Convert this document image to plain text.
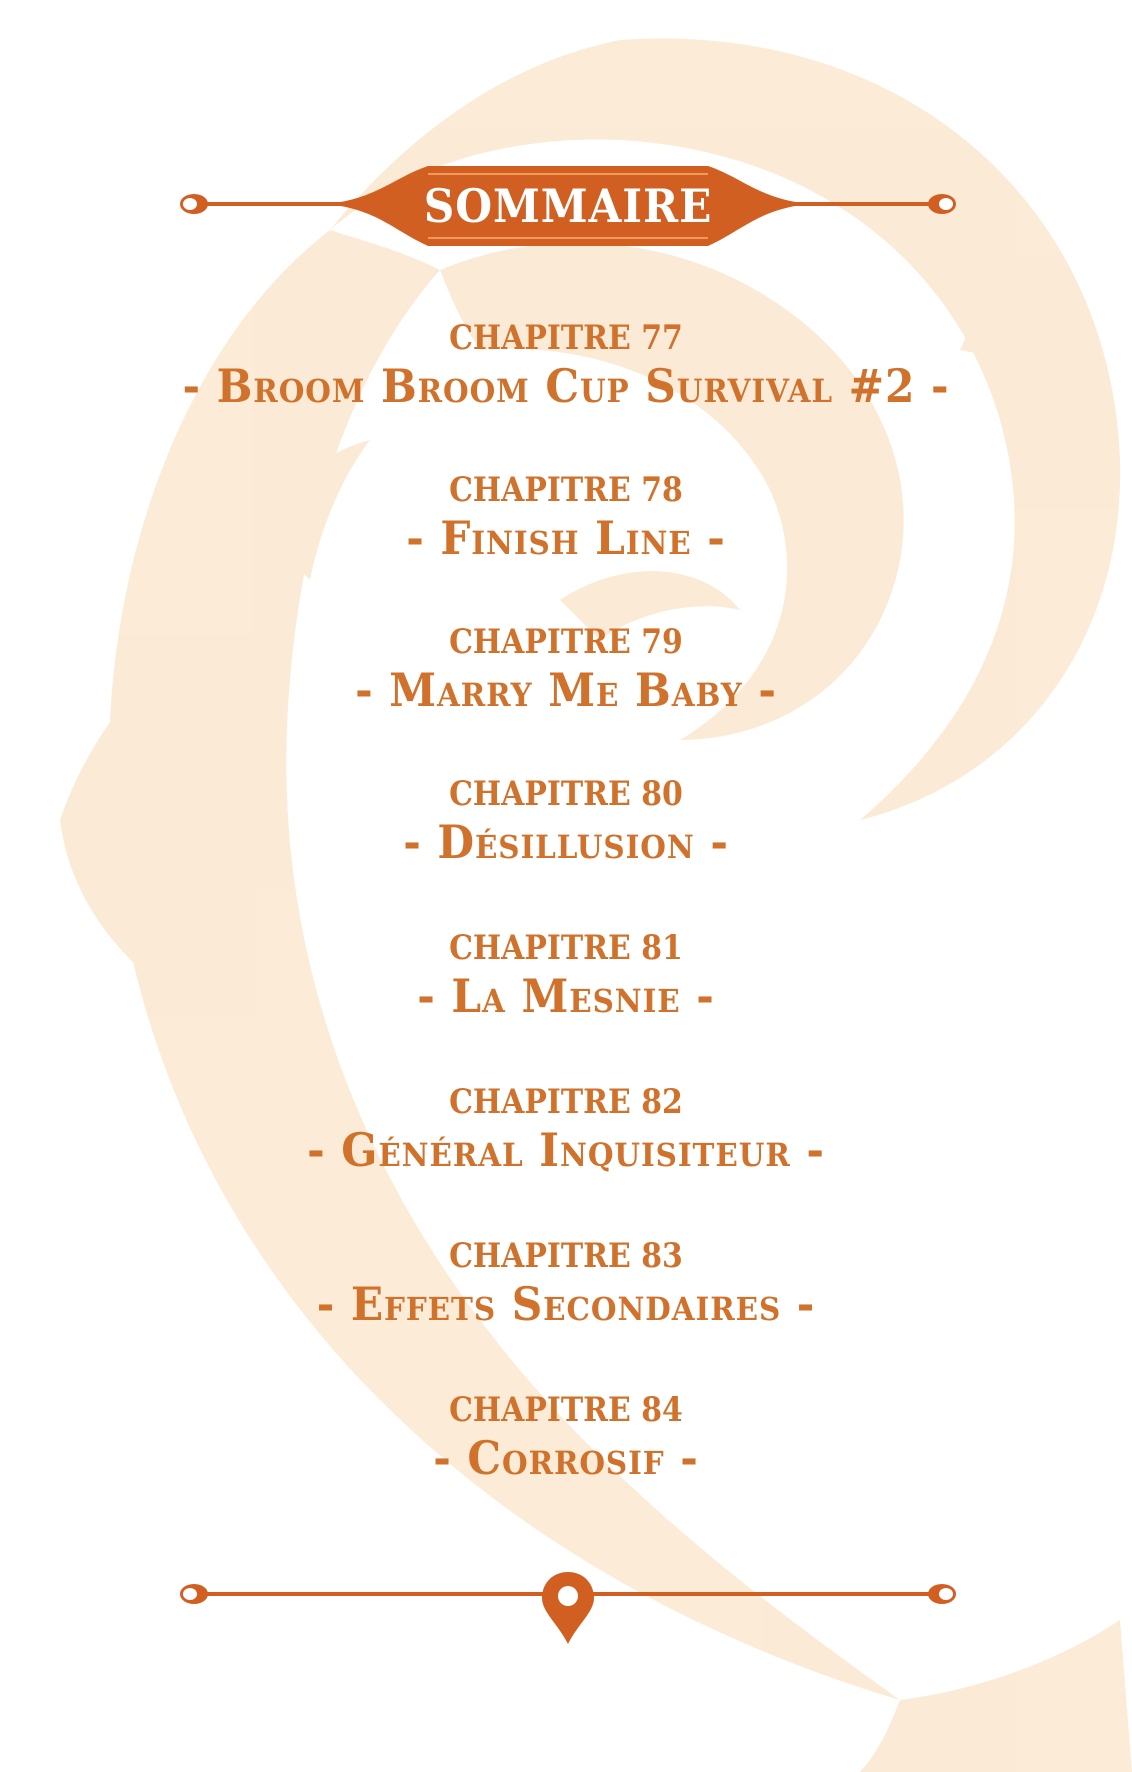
SOMMAIRE
CHAPITRE 77
- Broom Broom Cup Survival #2 -
CHAPITRE 78
- Finish Line -
CHAPITRE 79
- Marry Me Baby -
CHAPITRE 80
- Désillusion -
CHAPITRE 81
- La Mesnie -
CHAPITRE 82
- Général Inquisiteur -
CHAPITRE 83
- Effets Secondaires -
CHAPITRE 84
- Corrosif -
